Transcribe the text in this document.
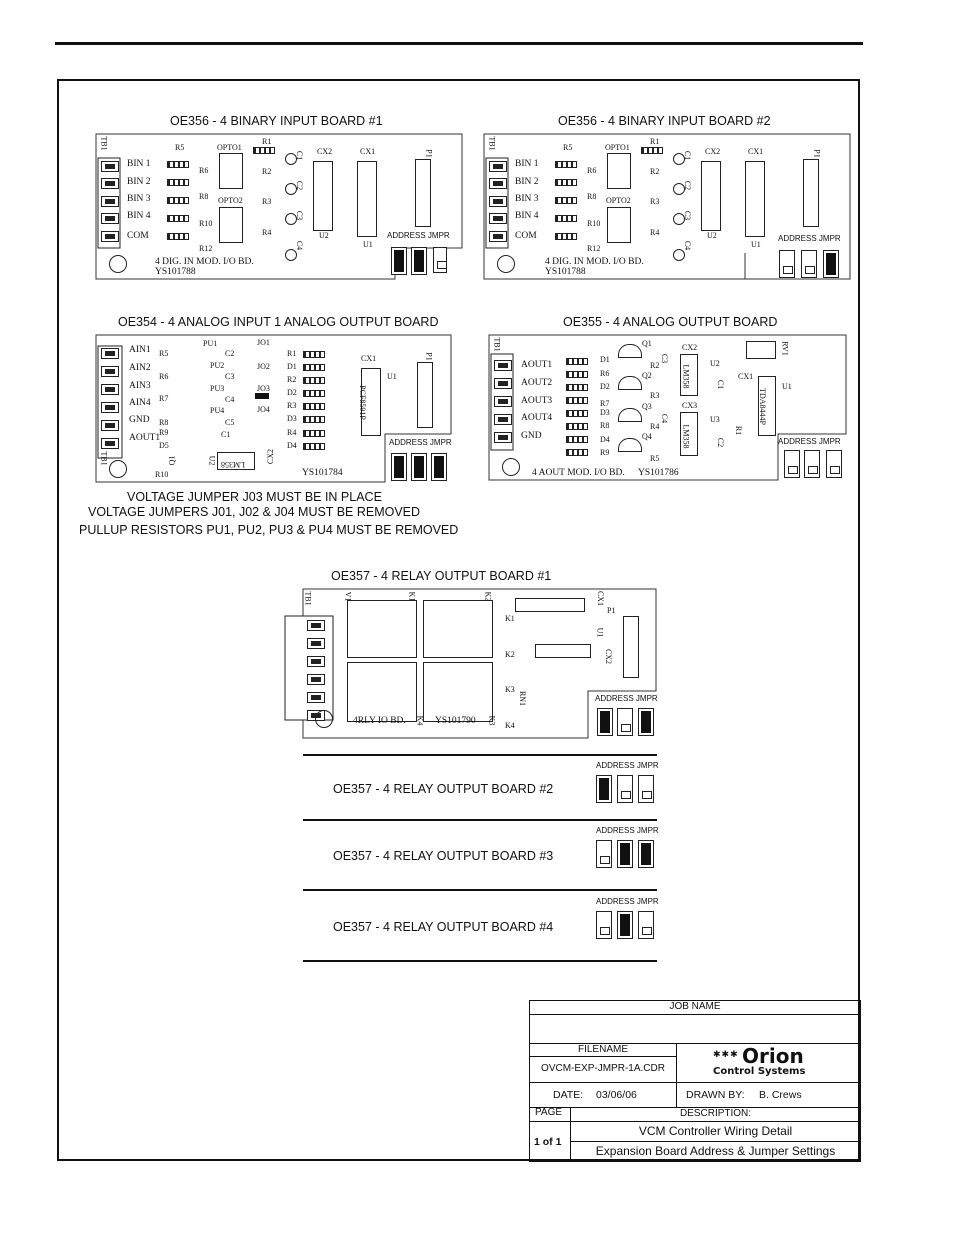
OE356 - 4 BINARY INPUT BOARD #1
TB1
BIN 1
BIN 2
BIN 3
BIN 4
COM
R5
R1
OPTO1
C1 CX2	CX1	P1
R6	R2
C2
R8 OPTO2 R3
C3
R10
R4	U2
U1
R12	C4
4 DIG. IN MOD. I/O BD.
YS101788
ADDRESS JMPR
OE356 - 4 BINARY INPUT BOARD #2
TB1
BIN 1
BIN 2
BIN 3
BIN 4
COM
R5
R1
OPTO1
C1 CX2	CX1	P1
R6	R2
C2
R8 OPTO2 R3
C3
R10
R4	U2
U1
R12	C4
4 DIG. IN MOD. I/O BD.
YS101788
ADDRESS JMPR
OE354 - 4 ANALOG INPUT 1 ANALOG OUTPUT BOARD
AIN1
AIN2
AIN3
AIN4
GND
AOUT1
PU1	JO1
R5	C2
R6
PU2	JO2
C3
PU3	JO3
R7	C4
PU4	JO4
R8	C5
R9	C1
D5
R10
Q1	U2 LM358
CX2
R1
D1
R2
D2
R3
D3
R4
D4
CX1
U1
PCF8591P
P1
TB1
YS101784
ADDRESS JMPR
OE355 - 4 ANALOG OUTPUT BOARD
TB1
AOUT1
AOUT2
AOUT3
AOUT4
GND
D1
R6
D2
R7
D3
R8
D4
R9
Q1
R2
Q2
R3
Q3
R4
Q4
R5
C3
CX2
LM358
U2
C1
CX3
C4
LM358
U3
C2
R1
CX1
TDA8444P
U1
RV1
4 AOUT MOD. I/O BD. YS101786
ADDRESS JMPR
VOLTAGE JUMPER J03 MUST BE IN PLACE
VOLTAGE JUMPERS J01, J02 & J04 MUST BE REMOVED
PULLUP RESISTORS PU1, PU2, PU3 & PU4 MUST BE REMOVED
OE357 - 4 RELAY OUTPUT BOARD #1
TB1	V1	K1	K2	CX1
P1
K1
U1
K2	CX2
K3
RN1
K4
K4	K3
4RLY IO BD.	YS101790
ADDRESS JMPR
OE357 - 4 RELAY OUTPUT BOARD #2
ADDRESS JMPR
OE357 - 4 RELAY OUTPUT BOARD #3
ADDRESS JMPR
OE357 - 4 RELAY OUTPUT BOARD #4
ADDRESS JMPR
JOB NAME
FILENAME
OVCM-EXP-JMPR-1A.CDR
✱✱✱ Orion
Control Systems
DATE: 03/06/06	DRAWN BY: B. Crews
PAGE	DESCRIPTION:
1 of 1
VCM Controller Wiring Detail
Expansion Board Address & Jumper Settings
